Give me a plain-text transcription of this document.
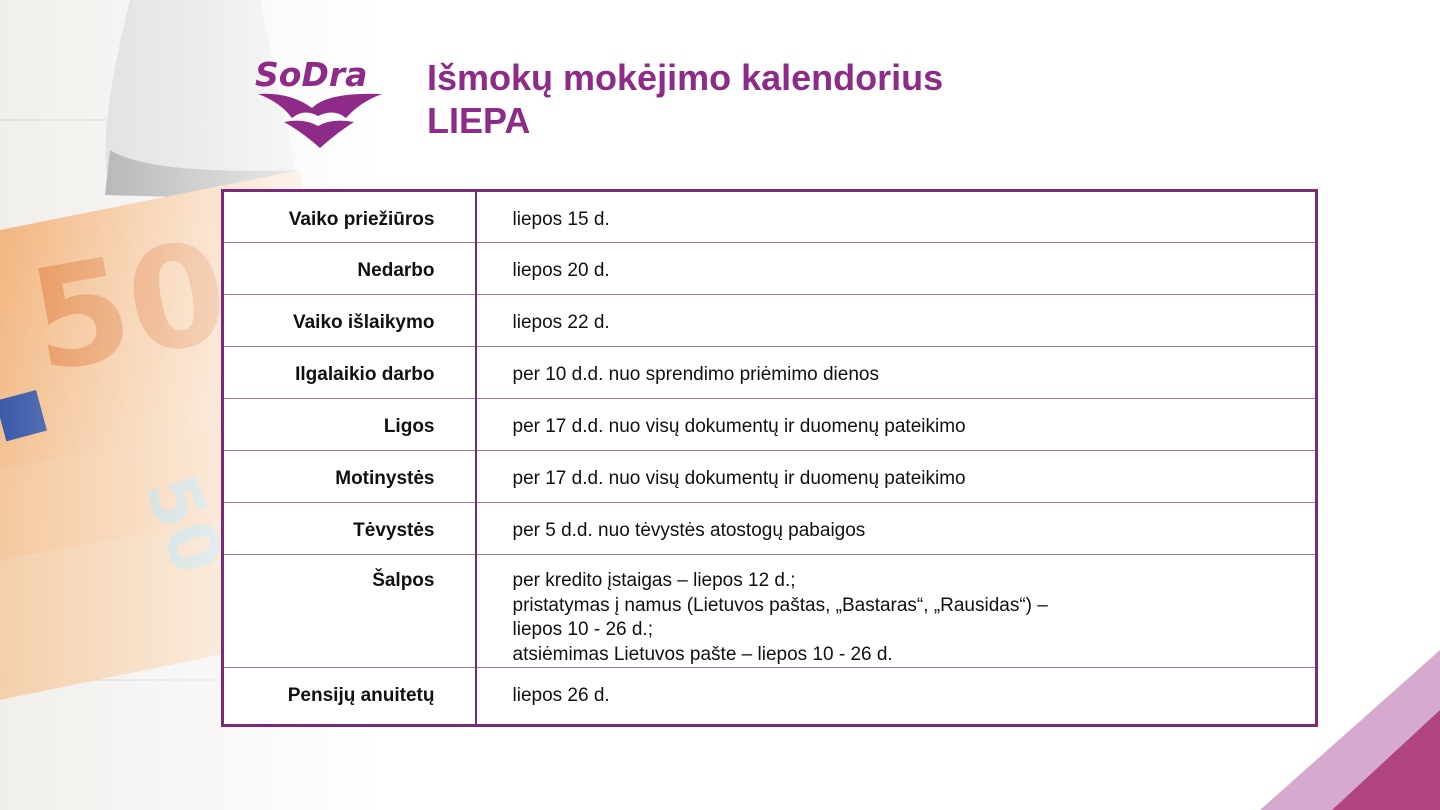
SoDra Išmokų mokėjimo kalendorius
LIEPA
Vaiko priežiūros	liepos 15 d.
Nedarbo	liepos 20 d.
Vaiko išlaikymo	liepos 22 d.
Ilgalaikio darbo	per 10 d.d. nuo sprendimo priėmimo dienos
Ligos	per 17 d.d. nuo visų dokumentų ir duomenų pateikimo
Motinystės	per 17 d.d. nuo visų dokumentų ir duomenų pateikimo
Tėvystės	per 5 d.d. nuo tėvystės atostogų pabaigos
Šalpos	per kredito įstaigas – liepos 12 d.;
pristatymas į namus (Lietuvos paštas, „Bastaras“, „Rausidas“) –
liepos 10 - 26 d.;
atsiėmimas Lietuvos pašte – liepos 10 - 26 d.

Pensijų anuitetų	liepos 26 d.
